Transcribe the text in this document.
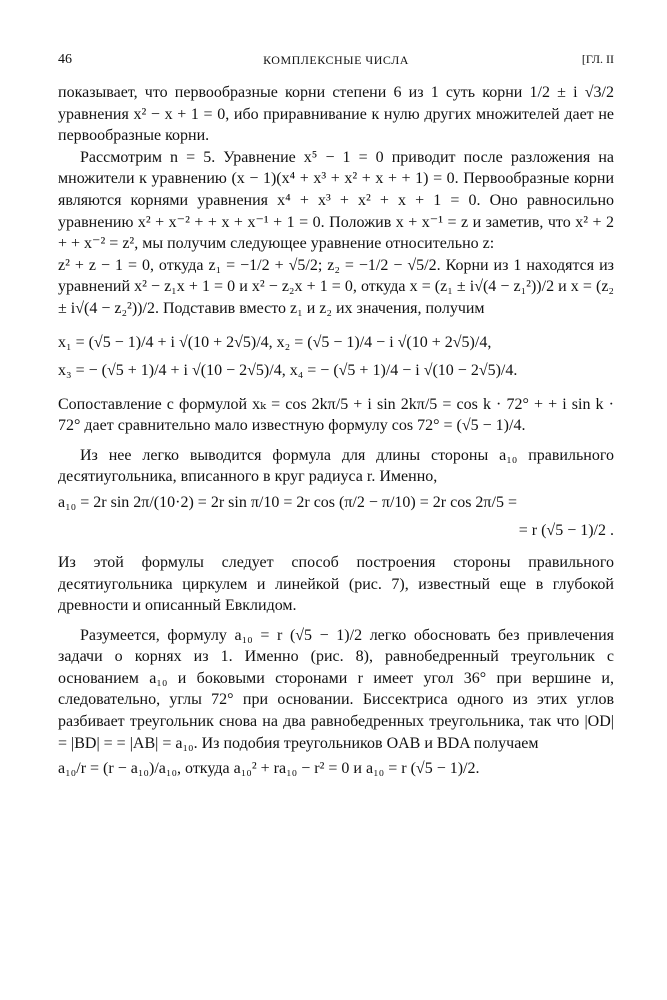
46	КОМПЛЕКСНЫЕ ЧИСЛА	[ГЛ. II

показывает, что первообразные корни степени 6 из 1 суть корни 1/2 ± i √3/2 уравнения x² − x + 1 = 0, ибо приравнивание к нулю других множителей дает не первообразные корни.

Рассмотрим n = 5. Уравнение x⁵ − 1 = 0 приводит после разложения на множители к уравнению (x − 1)(x⁴ + x³ + x² + x + + 1) = 0. Первообразные корни являются корнями уравнения x⁴ + x³ + x² + x + 1 = 0. Оно равносильно уравнению x² + x⁻² + + x + x⁻¹ + 1 = 0. Положив x + x⁻¹ = z и заметив, что x² + 2 + + x⁻² = z², мы получим следующее уравнение относительно z:

z² + z − 1 = 0, откуда z₁ = −1/2 + √5/2; z₂ = −1/2 − √5/2. Корни из 1 находятся из уравнений x² − z₁x + 1 = 0 и x² − z₂x + 1 = 0, откуда x = (z₁ ± i√(4 − z₁²))/2 и x = (z₂ ± i√(4 − z₂²))/2. Подставив вместо z₁ и z₂ их значения, получим

x₁ = (√5 − 1)/4 + i √(10 + 2√5)/4, x₂ = (√5 − 1)/4 − i √(10 + 2√5)/4,

x₃ = − (√5 + 1)/4 + i √(10 − 2√5)/4, x₄ = − (√5 + 1)/4 − i √(10 − 2√5)/4.

Сопоставление с формулой xₖ = cos 2kπ/5 + i sin 2kπ/5 = cos k · 72° + + i sin k · 72° дает сравнительно мало известную формулу cos 72° = (√5 − 1)/4.

Из нее легко выводится формула для длины стороны a₁₀ правильного десятиугольника, вписанного в круг радиуса r. Именно,

a₁₀ = 2r sin 2π/(10·2) = 2r sin π/10 = 2r cos (π/2 − π/10) = 2r cos 2π/5 =

= r (√5 − 1)/2 .

Из этой формулы следует способ построения стороны правильного десятиугольника циркулем и линейкой (рис. 7), известный еще в глубокой древности и описанный Евклидом.

Разумеется, формулу a₁₀ = r (√5 − 1)/2 легко обосновать без привлечения задачи о корнях из 1. Именно (рис. 8), равнобедренный треугольник с основанием a₁₀ и боковыми сторонами r имеет угол 36° при вершине и, следовательно, углы 72° при основании. Биссектриса одного из этих углов разбивает треугольник снова на два равнобедренных треугольника, так что |OD| = |BD| = = |AB| = a₁₀. Из подобия треугольников OAB и BDA получаем

a₁₀/r = (r − a₁₀)/a₁₀, откуда a₁₀² + ra₁₀ − r² = 0 и a₁₀ = r (√5 − 1)/2.
